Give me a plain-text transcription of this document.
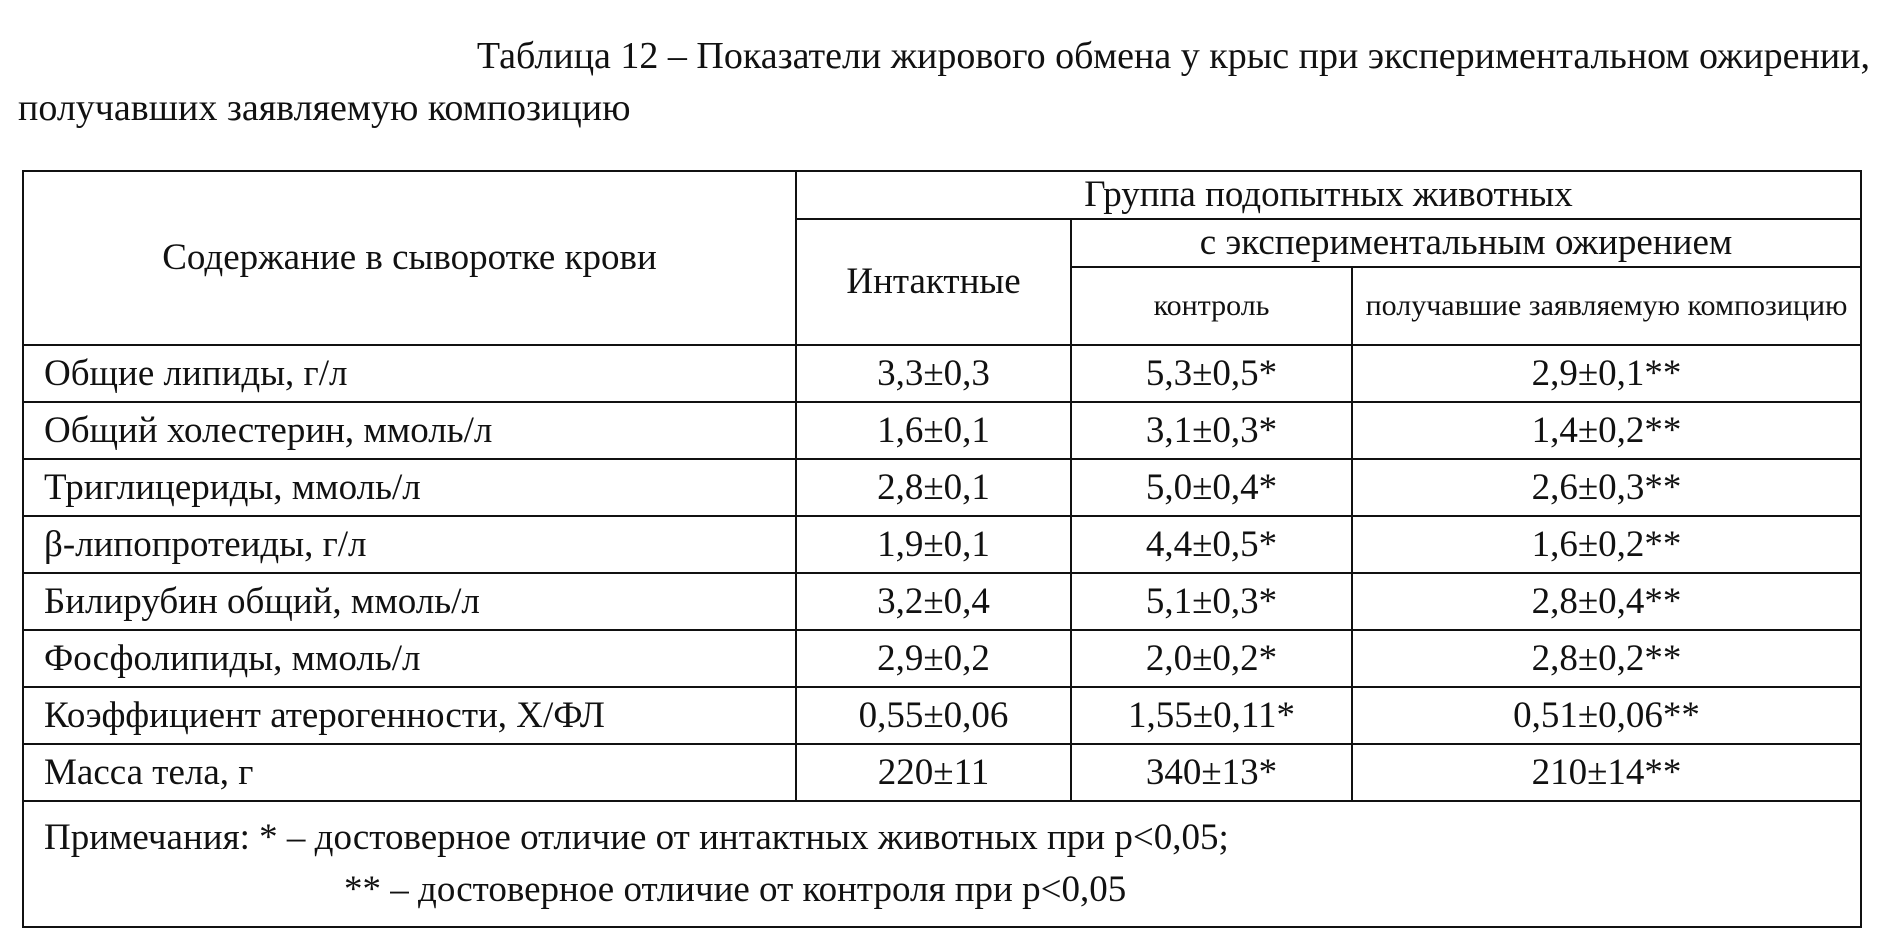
Таблица 12 – Показатели жирового обмена у крыс при экспериментальном ожирении,
получавших заявляемую композицию
Содержание в сыворотке крови	Группа подопытных животных		
	Интактные	с экспериментальным ожирением	
		контроль	получавшие заявляемую композицию
Общие липиды, г/л	3,3±0,3	5,3±0,5*	2,9±0,1**
Общий холестерин, ммоль/л	1,6±0,1	3,1±0,3*	1,4±0,2**
Триглицериды, ммоль/л	2,8±0,1	5,0±0,4*	2,6±0,3**
β-липопротеиды, г/л	1,9±0,1	4,4±0,5*	1,6±0,2**
Билирубин общий, ммоль/л	3,2±0,4	5,1±0,3*	2,8±0,4**
Фосфолипиды, ммоль/л	2,9±0,2	2,0±0,2*	2,8±0,2**
Коэффициент атерогенности, Х/ФЛ	0,55±0,06	1,55±0,11*	0,51±0,06**
Масса тела, г	220±11	340±13*	210±14**

Примечания: * – достоверное отличие от интактных животных при р<0,05;
** – достоверное отличие от контроля при р<0,05			
